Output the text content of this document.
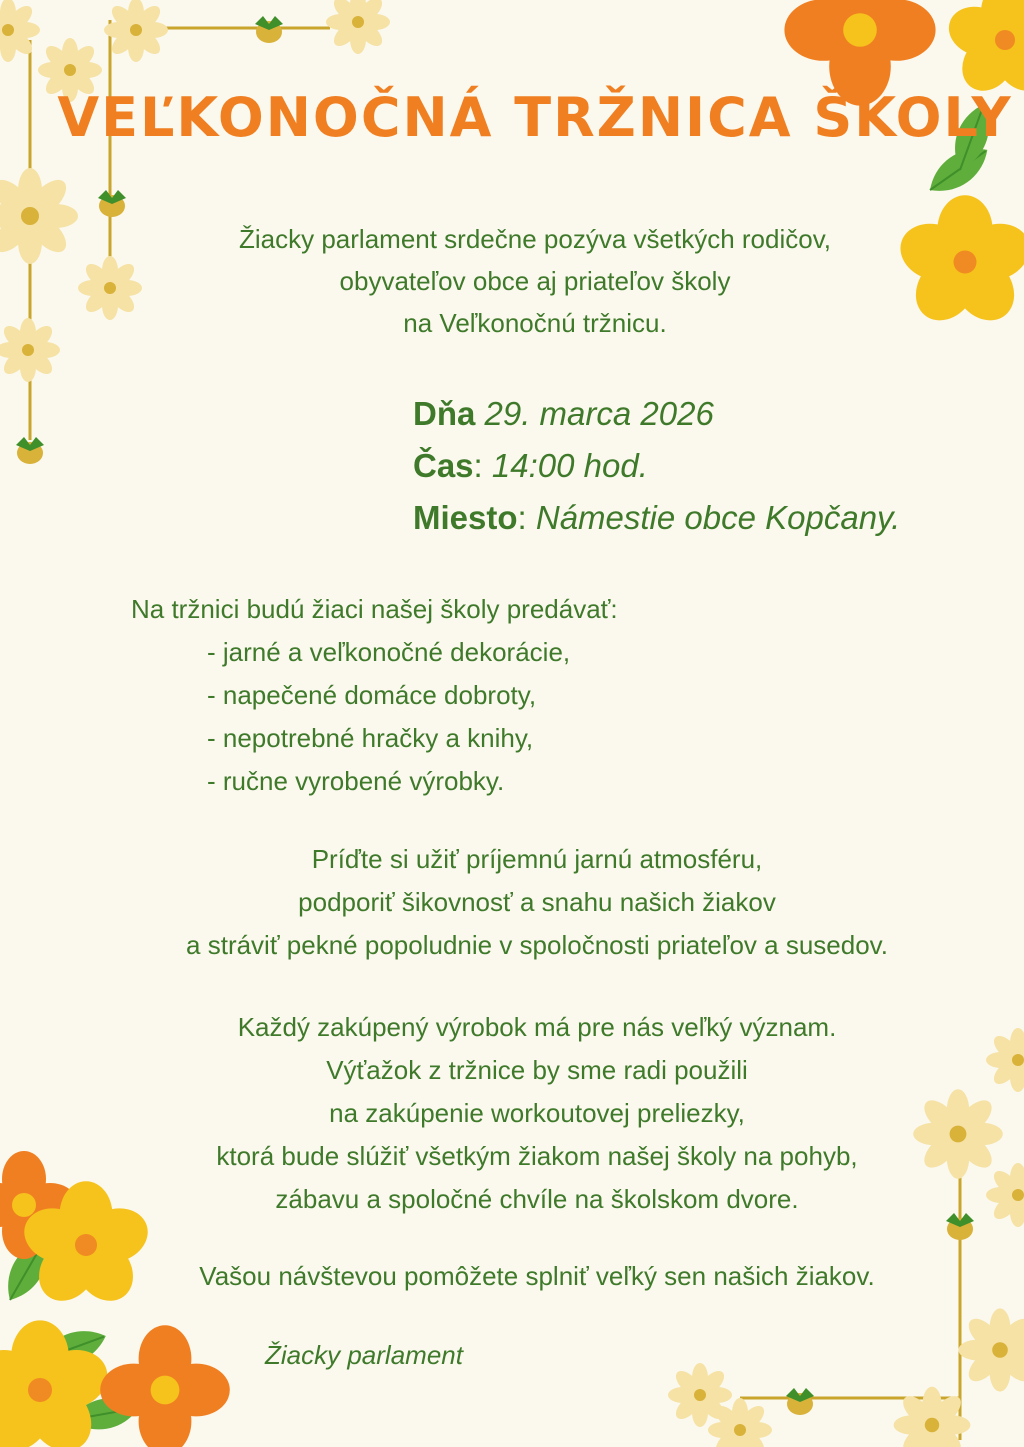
VEĽKONOČNÁ TRŽNICA ŠKOLY
Žiacky parlament srdečne pozýva všetkých rodičov,
obyvateľov obce aj priateľov školy
na Veľkonočnú tržnicu.
Dňa 29. marca 2026
Čas: 14:00 hod.
Miesto: Námestie obce Kopčany.
Na tržnici budú žiaci našej školy predávať:
- jarné a veľkonočné dekorácie,
- napečené domáce dobroty,
- nepotrebné hračky a knihy,
- ručne vyrobené výrobky.
Príďte si užiť príjemnú jarnú atmosféru,
podporiť šikovnosť a snahu našich žiakov
a stráviť pekné popoludnie v spoločnosti priateľov a susedov.
Každý zakúpený výrobok má pre nás veľký význam.
Výťažok z tržnice by sme radi použili
na zakúpenie workoutovej preliezky,
ktorá bude slúžiť všetkým žiakom našej školy na pohyb,
zábavu a spoločné chvíle na školskom dvore.
Vašou návštevou pomôžete splniť veľký sen našich žiakov.
Žiacky parlament
